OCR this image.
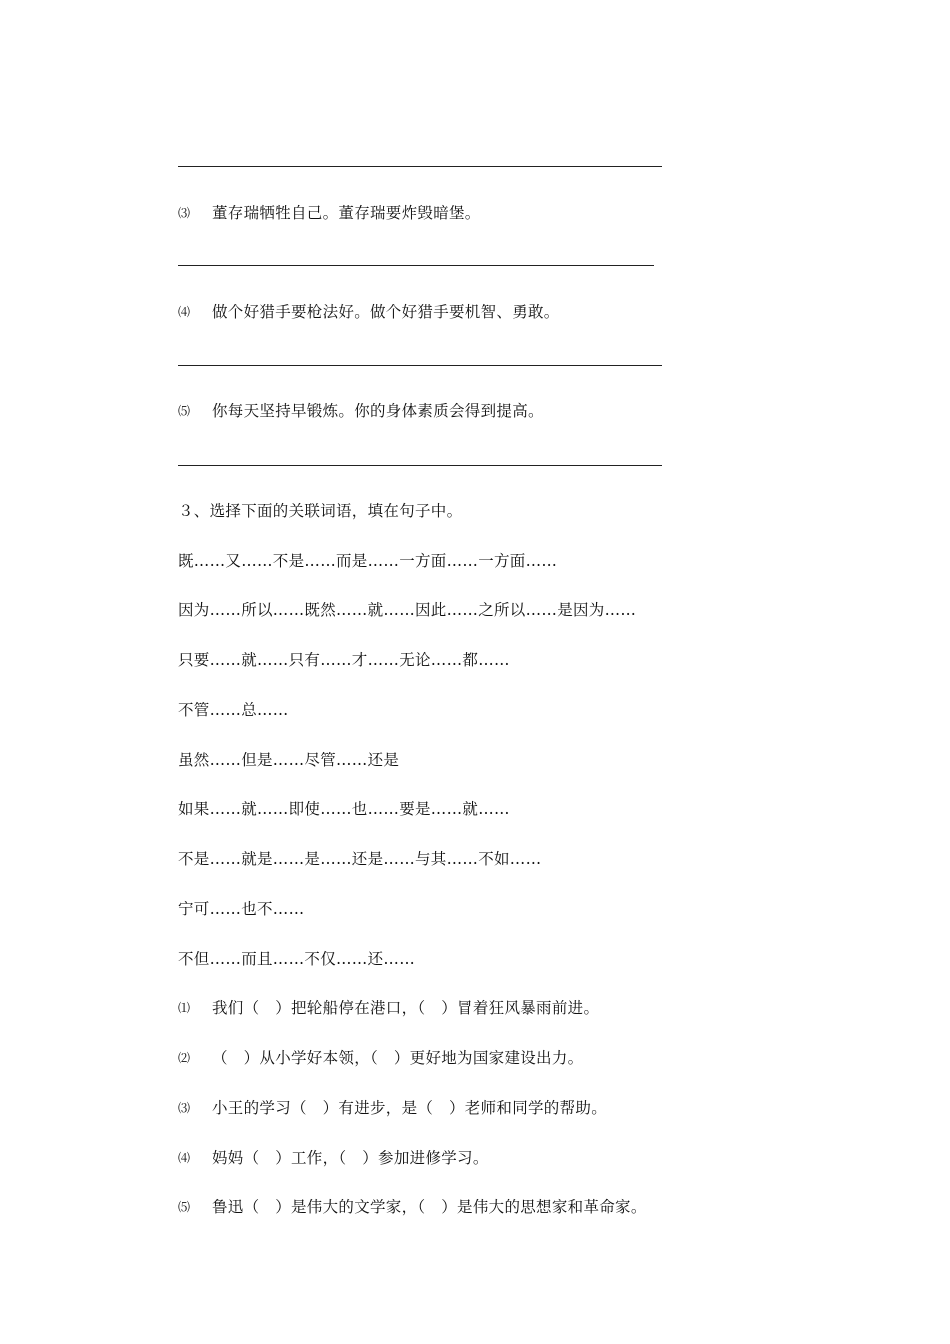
⑶ 董存瑞牺牲自己。董存瑞要炸毁暗堡。
⑷ 做个好猎手要枪法好。做个好猎手要机智、勇敢。
⑸ 你每天坚持早锻炼。你的身体素质会得到提高。
３、选择下面的关联词语，填在句子中。
既……又……不是……而是……一方面……一方面……
因为……所以……既然……就……因此……之所以……是因为……
只要……就……只有……才……无论……都……
不管……总……
虽然……但是……尽管……还是
如果……就……即使……也……要是……就……
不是……就是……是……还是……与其……不如……
宁可……也不……
不但……而且……不仅……还……
⑴ 我们（　）把轮船停在港口，（　）冒着狂风暴雨前进。
⑵ （　）从小学好本领，（　）更好地为国家建设出力。
⑶ 小王的学习（　）有进步，是（　）老师和同学的帮助。
⑷ 妈妈（　）工作，（　）参加进修学习。
⑸ 鲁迅（　）是伟大的文学家，（　）是伟大的思想家和革命家。
